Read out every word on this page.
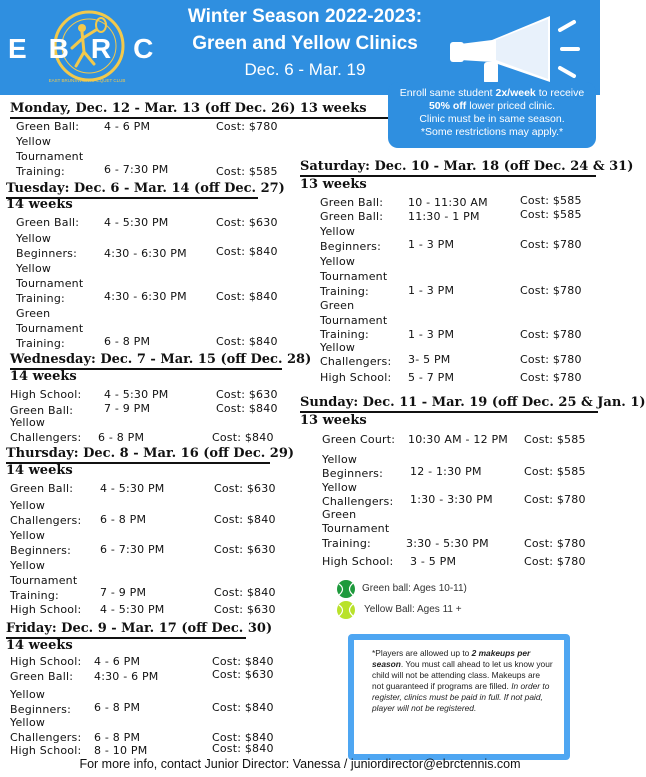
EBRC
EAST BRUNSWICK RACQUET CLUB
Winter Season 2022-2023:
Green and Yellow Clinics
Dec. 6 - Mar. 19
Enroll same student 2x/week to receive
50% off lower priced clinic.
Clinic must be in same season.
*Some restrictions may apply.*
Monday, Dec. 12 - Mar. 13 (off Dec. 26) 13 weeks
Green Ball: 4 - 6 PM	Cost: $780
Yellow
Tournament
Training:	6 - 7:30 PM	Cost: $585
Tuesday: Dec. 6 - Mar. 14 (off Dec. 27)
14 weeks
Green Ball: 4 - 5:30 PM	Cost: $630
Yellow
Beginners: 4:30 - 6:30 PM	Cost: $840
Yellow
Tournament
Training:	4:30 - 6:30 PM	Cost: $840
Green
Tournament
Training:	6 - 8 PM	Cost: $840
Wednesday: Dec. 7 - Mar. 15 (off Dec. 28)
14 weeks
High School: 4 - 5:30 PM	Cost: $630
Green Ball:	7 - 9 PM	Cost: $840
Yellow
Challengers: 6 - 8 PM	Cost: $840
Thursday: Dec. 8 - Mar. 16 (off Dec. 29)
14 weeks
Green Ball: 4 - 5:30 PM	Cost: $630
Yellow
Challengers: 6 - 8 PM	Cost: $840
Yellow
Beginners:	6 - 7:30 PM	Cost: $630
Yellow
Tournament
Training:	7 - 9 PM	Cost: $840
High School: 4 - 5:30 PM	Cost: $630
Friday: Dec. 9 - Mar. 17 (off Dec. 30)
14 weeks
High School: 4 - 6 PM	Cost: $840
Green Ball: 4:30 - 6 PM	Cost: $630
Yellow
Beginners: 6 - 8 PM	Cost: $840
Yellow
Challengers: 6 - 8 PM	Cost: $840
High School: 8 - 10 PM	Cost: $840
Saturday: Dec. 10 - Mar. 18 (off Dec. 24 & 31)
13 weeks
Green Ball: 10 - 11:30 AM	Cost: $585
Green Ball: 11:30 - 1 PM	Cost: $585
Yellow
Beginners: 1 - 3 PM	Cost: $780
Yellow
Tournament
Training:	1 - 3 PM	Cost: $780
Green
Tournament
Training:	1 - 3 PM	Cost: $780
Yellow
Challengers: 3- 5 PM	Cost: $780
High School: 5 - 7 PM	Cost: $780
Sunday: Dec. 11 - Mar. 19 (off Dec. 25 & Jan. 1)
13 weeks
Green Court: 10:30 AM - 12 PM Cost: $585
Yellow
Beginners: 12 - 1:30 PM	Cost: $585
Yellow
Challengers: 1:30 - 3:30 PM	Cost: $780
Green
Tournament
Training:	3:30 - 5:30 PM	Cost: $780
High School: 3 - 5 PM	Cost: $780
Green ball: Ages 10-11)
Yellow Ball: Ages 11 +
*Players are allowed up to 2 makeups per season. You must call ahead to let us know your child will not be attending class. Makeups are not guaranteed if programs are filled. In order to register, clinics must be paid in full. If not paid, player will not be registered.
For more info, contact Junior Director: Vanessa / juniordirector@ebrctennis.com
